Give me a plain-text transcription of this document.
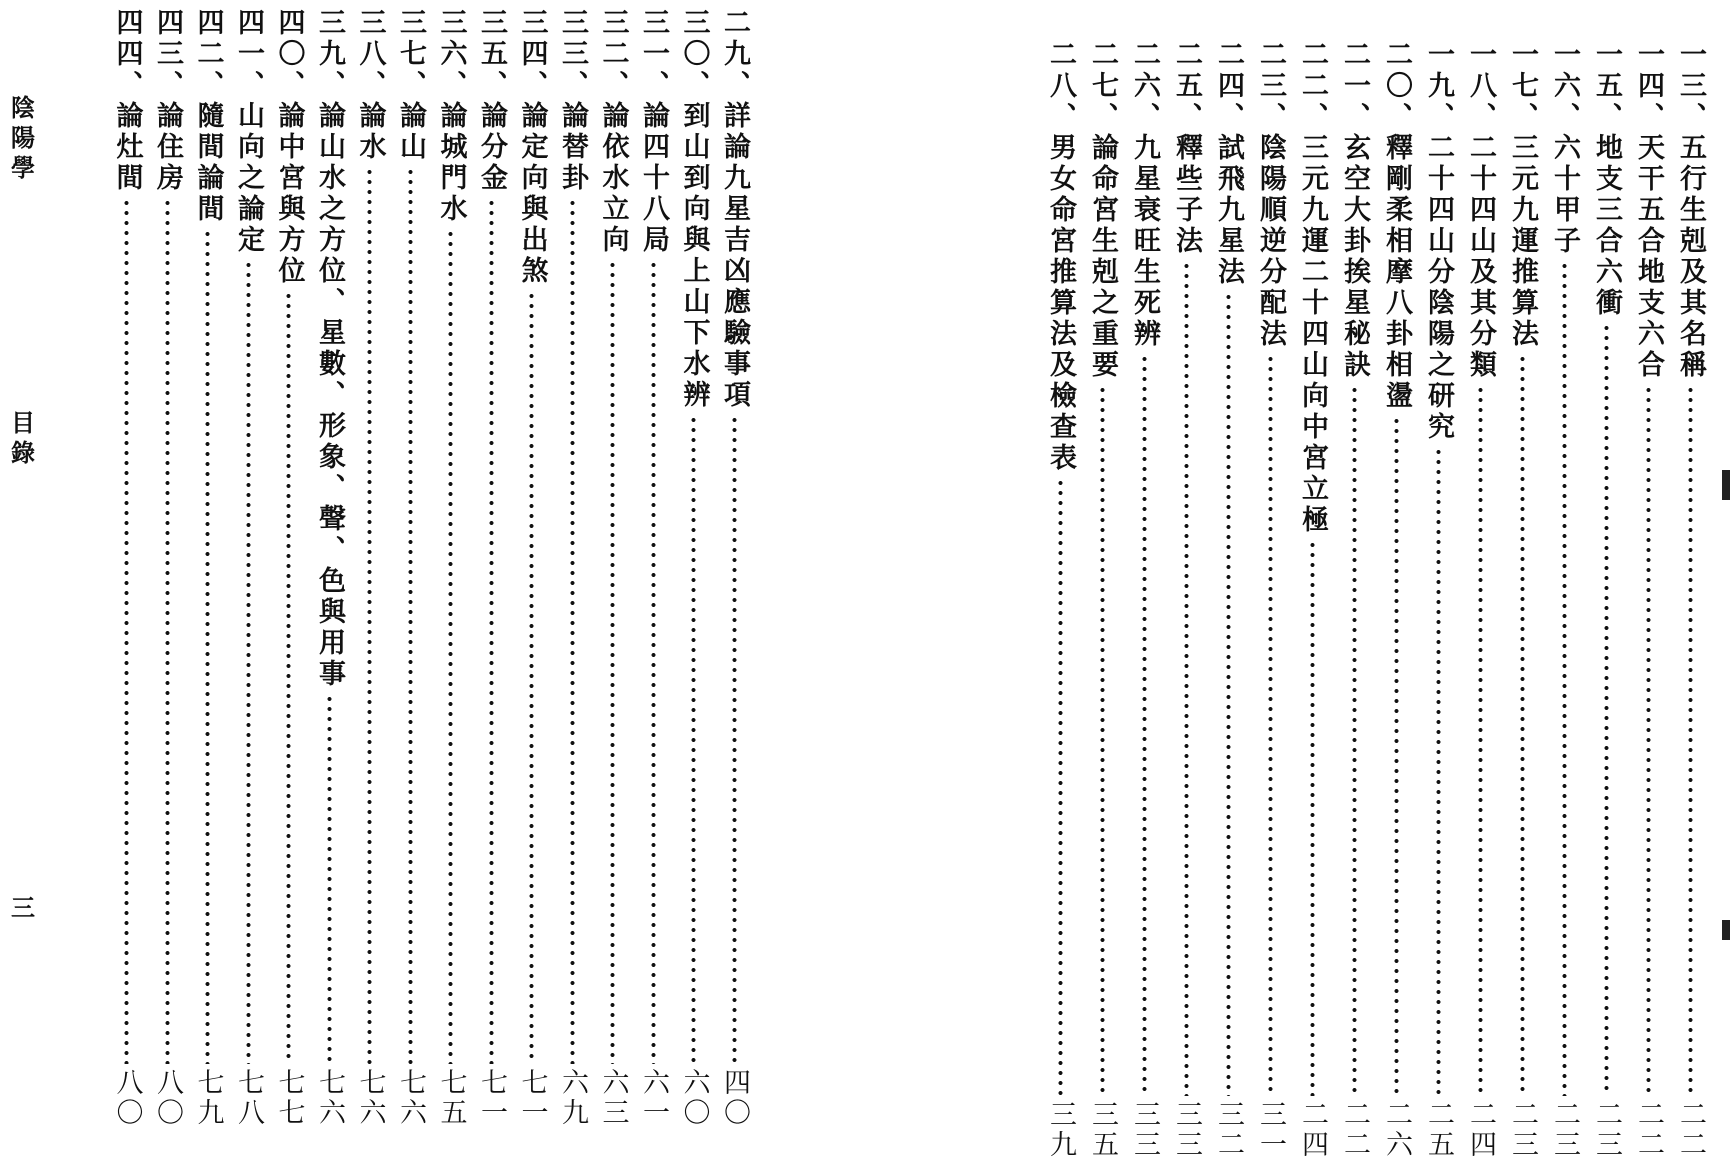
陰陽學
目錄
三
二九、詳論九星吉凶應驗事項
四〇
三〇、到山到向與上山下水辨
六〇
三一、論四十八局
六一
三二、論依水立向
六三
三三、論替卦
六九
三四、論定向與出煞
七一
三五、論分金
七一
三六、論城門水
七五
三七、論山
七六
三八、論水
七六
三九、論山水之方位、星數、形象、聲、色與用事
七六
四〇、論中宮與方位
七七
四一、山向之論定
七八
四二、隨間論間
七九
四三、論住房
八〇
四四、論灶間
八〇
一三、五行生剋及其名稱
二二
一四、天干五合地支六合
二二
一五、地支三合六衝
二三
一六、六十甲子
二三
一七、三元九運推算法
二三
一八、二十四山及其分類
二四
一九、二十四山分陰陽之研究
二五
二〇、釋剛柔相摩八卦相盪
二六
二一、玄空大卦挨星秘訣
二二
二二、三元九運二十四山向中宮立極
二四
二三、陰陽順逆分配法
三一
二四、試飛九星法
三二
二五、釋些子法
三三
二六、九星衰旺生死辨
三三
二七、論命宮生剋之重要
三五
二八、男女命宮推算法及檢查表
三九
